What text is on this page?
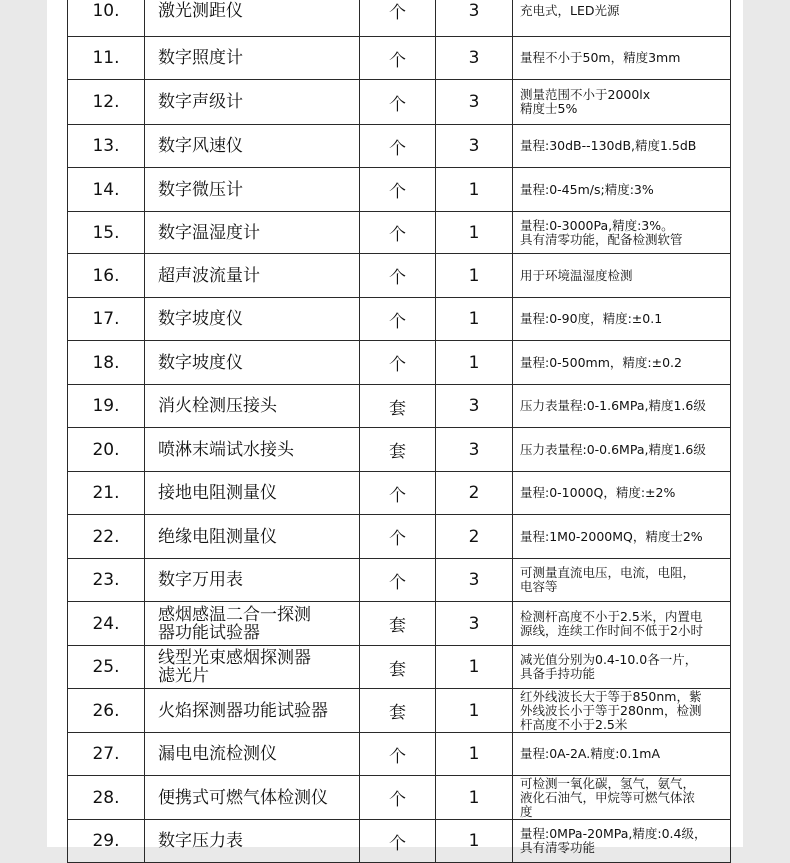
10.	激光测距仪	个	3	充电式，LED光源

11.	数字照度计	个	3	量程不小于50m，精度3mm

12.	数字声级计	个	3	测量范围不小于2000lx
精度士5%

13.	数字风速仪	个	3	量程:30dB--130dB,精度1.5dB

14.	数字微压计	个	1	量程:0-45m/s;精度:3%

15.	数字温湿度计	个	1	量程:0-3000Pa,精度:3%。
具有清零功能，配备检测软管

16.	超声波流量计	个	1	用于环境温湿度检测

17.	数字坡度仪	个	1	量程:0-90度，精度:±0.1

18.	数字坡度仪	个	1	量程:0-500mm，精度:±0.2

19.	消火栓测压接头	套	3	压力表量程:0-1.6MPa,精度1.6级

20.	喷淋末端试水接头	套	3	压力表量程:0-0.6MPa,精度1.6级

21.	接地电阻测量仪	个	2	量程:0-1000Q，精度:±2%

22.	绝缘电阻测量仪	个	2	量程:1M0-2000MQ，精度士2%

23.	数字万用表	个	3	可测量直流电压，电流，电阻，
电容等

24.	感烟感温二合一探测
器功能试验器	套	3	检测杆高度不小于2.5米，内置电
源线，连续工作时间不低于2小时

25.	线型光束感烟探测器
滤光片	套	1	减光值分别为0.4-10.0各一片，
具备手持功能

26.	火焰探测器功能试验器	套	1	红外线波长大于等于850nm，紫
外线波长小于等于280nm，检测
杆高度不小于2.5米

27.	漏电电流检测仪	个	1	量程:0A-2A.精度:0.1mA

28.	便携式可燃气体检测仪	个	1	可检测一氧化碳，氢气，氨气，
液化石油气，甲烷等可燃气体浓
度

29.	数字压力表	个	1	量程:0MPa-20MPa,精度:0.4级，
具有清零功能
